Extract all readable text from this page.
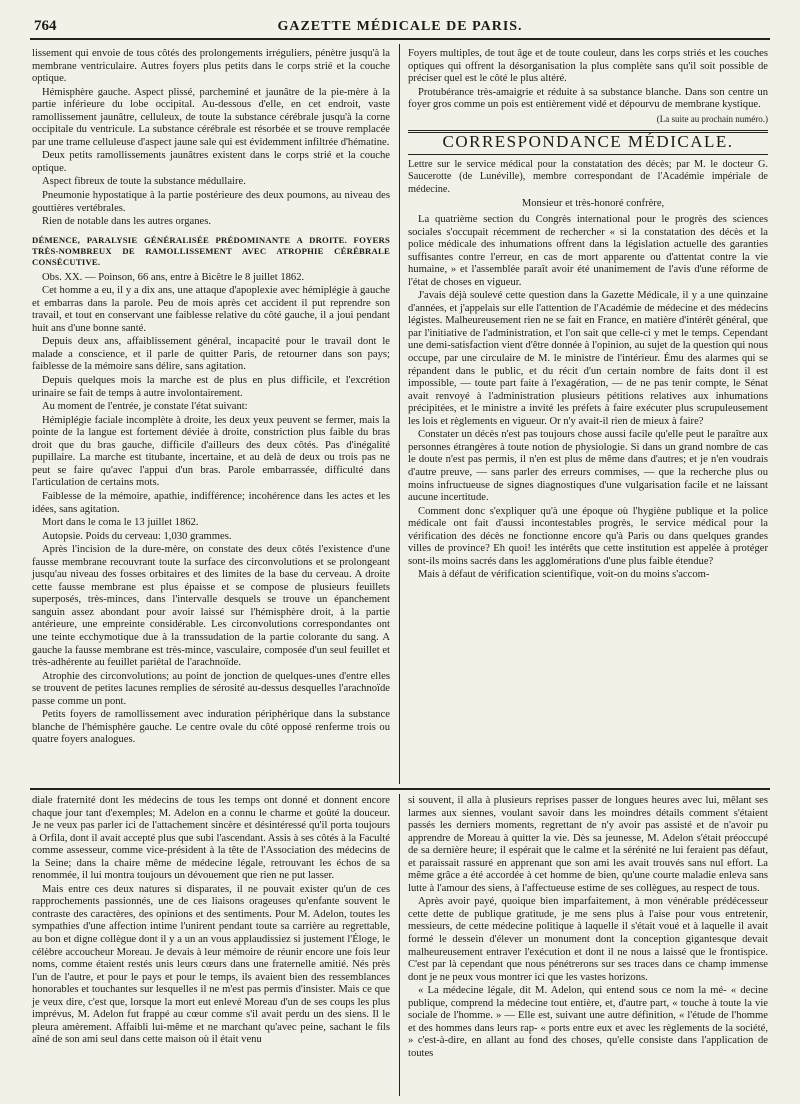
764	GAZETTE MÉDICALE DE PARIS.

lissement qui envoie de tous côtés des prolongements irréguliers, pénètre jusqu'à la membrane ventriculaire. Autres foyers plus petits dans le corps strié et la couche optique.

Hémisphère gauche. Aspect plissé, parcheminé et jaunâtre de la pie-mère à la partie inférieure du lobe occipital. Au-dessous d'elle, en cet endroit, vaste ramollissement jaunâtre, celluleux, de toute la substance cérébrale jusqu'à la corne occipitale du ventricule. La substance cérébrale est résorbée et se trouve remplacée par une trame celluleuse d'aspect jaune sale qui est évidemment infiltrée d'hématine.

Deux petits ramollissements jaunâtres existent dans le corps strié et la couche optique.

Aspect fibreux de toute la substance médullaire.

Pneumonie hypostatique à la partie postérieure des deux poumons, au niveau des gouttières vertébrales.

Rien de notable dans les autres organes.

DÉMENCE, PARALYSIE GÉNÉRALISÉE PRÉDOMINANTE A DROITE. FOYERS TRÈS-NOMBREUX DE RAMOLLISSEMENT AVEC ATROPHIE CÉRÉBRALE CONSÉCUTIVE.

Obs. XX. — Poinson, 66 ans, entre à Bicêtre le 8 juillet 1862.

Cet homme a eu, il y a dix ans, une attaque d'apoplexie avec hémiplégie à gauche et embarras dans la parole. Peu de mois après cet accident il put reprendre son travail, et tout en conservant une faiblesse relative du côté gauche, il a joui pendant huit ans d'une bonne santé.

Depuis deux ans, affaiblissement général, incapacité pour le travail dont le malade a conscience, et il parle de quitter Paris, de retourner dans son pays; faiblesse de la mémoire sans délire, sans agitation.

Depuis quelques mois la marche est de plus en plus difficile, et l'excrétion urinaire se fait de temps à autre involontairement.

Au moment de l'entrée, je constate l'état suivant:

Hémiplégie faciale incomplète à droite, les deux yeux peuvent se fermer, mais la pointe de la langue est fortement déviée à droite, constriction plus faible du bras droit que du bras gauche, difficile d'ailleurs des deux côtés. Pas d'inégalité pupillaire. La marche est titubante, incertaine, et au delà de deux ou trois pas ne peut se faire qu'avec l'appui d'un bras. Parole embarrassée, difficulté dans l'articulation de certains mots.

Faiblesse de la mémoire, apathie, indifférence; incohérence dans les actes et les idées, sans agitation.

Mort dans le coma le 13 juillet 1862.

Autopsie. Poids du cerveau: 1,030 grammes.

Après l'incision de la dure-mère, on constate des deux côtés l'existence d'une fausse membrane recouvrant toute la surface des circonvolutions et se prolongeant jusqu'au niveau des fosses orbitaires et des limites de la base du cerveau. A droite cette fausse membrane est plus épaisse et se compose de plusieurs feuillets superposés, très-minces, dans l'intervalle desquels se trouve un épanchement sanguin assez abondant pour avoir laissé sur l'hémisphère droit, à la partie antérieure, une empreinte considérable. Les circonvolutions correspondantes ont une teinte ecchymotique due à la transsudation de la partie colorante du sang. A gauche la fausse membrane est très-mince, vasculaire, composée d'un seul feuillet et très-adhérente au feuillet pariétal de l'arachnoïde.

Atrophie des circonvolutions; au point de jonction de quelques-unes d'entre elles se trouvent de petites lacunes remplies de sérosité au-dessus desquelles l'arachnoïde passe comme un pont.

Petits foyers de ramollissement avec induration périphérique dans la substance blanche de l'hémisphère gauche. Le centre ovale du côté opposé renferme trois ou quatre foyers analogues.

Foyers multiples, de tout âge et de toute couleur, dans les corps striés et les couches optiques qui offrent la désorganisation la plus complète sans qu'il soit possible de préciser quel est le côté le plus altéré.

Protubérance très-amaigrie et réduite à sa substance blanche. Dans son centre un foyer gros comme un pois est entièrement vidé et dépourvu de membrane kystique.

(La suite au prochain numéro.)

CORRESPONDANCE MÉDICALE.

Lettre sur le service médical pour la constatation des décès; par M. le docteur G. Saucerotte (de Lunéville), membre correspondant de l'Académie impériale de médecine.

Monsieur et très-honoré confrère,

La quatrième section du Congrès international pour le progrès des sciences sociales s'occupait récemment de rechercher « si la constatation des décès et la police médicale des inhumations offrent dans la législation actuelle des garanties suffisantes contre l'erreur, en cas de mort apparente ou d'attentat contre la vie humaine, » et l'assemblée paraît avoir été unanimement de l'avis d'une réforme de l'état de choses en vigueur.

J'avais déjà soulevé cette question dans la Gazette Médicale, il y a une quinzaine d'années, et j'appelais sur elle l'attention de l'Académie de médecine et des médecins légistes. Malheureusement rien ne se fait en France, en matière d'intérêt général, que par l'initiative de l'administration, et l'on sait que celle-ci y met le temps. Cependant une demi-satisfaction vient d'être donnée à l'opinion, au sujet de la question qui nous occupe, par une circulaire de M. le ministre de l'intérieur. Ému des alarmes qui se répandent dans le public, et du récit d'un certain nombre de faits dont il est impossible, — toute part faite à l'exagération, — de ne pas tenir compte, le Sénat avait renvoyé à l'administration plusieurs pétitions relatives aux inhumations précipitées, et le ministre a invité les préfets à faire exécuter plus scrupuleusement les lois et règlements en vigueur. Or n'y avait-il rien de mieux à faire?

Constater un décès n'est pas toujours chose aussi facile qu'elle peut le paraître aux personnes étrangères à toute notion de physiologie. Si dans un grand nombre de cas le doute n'est pas permis, il n'en est plus de même dans d'autres; et je n'en voudrais d'autre preuve, — sans parler des erreurs commises, — que la recherche plus ou moins infructueuse de signes diagnostiques d'une vulgarisation facile et ne laissant aucune incertitude.

Comment donc s'expliquer qu'à une époque où l'hygiène publique et la police médicale ont fait d'aussi incontestables progrès, le service médical pour la vérification des décès ne fonctionne encore qu'à Paris ou dans quelques grandes villes de province? Eh quoi! les intérêts que cette institution est appelée à protéger sont-ils moins sacrés dans les agglomérations d'une plus faible étendue?

Mais à défaut de vérification scientifique, voit-on du moins s'accom-

diale fraternité dont les médecins de tous les temps ont donné et donnent encore chaque jour tant d'exemples; M. Adelon en a connu le charme et goûté la douceur. Je ne veux pas parler ici de l'attachement sincère et désintéressé qu'il porta toujours à Orfila, dont il avait accepté plus que subi l'ascendant. Assis à ses côtés à la Faculté comme assesseur, comme vice-président à la tête de l'Association des médecins de la Seine; dans la chaire même de médecine légale, retrouvant les échos de sa renommée, il lui montra toujours un dévouement que rien ne put lasser.

Mais entre ces deux natures si disparates, il ne pouvait exister qu'un de ces rapprochements passionnés, une de ces liaisons orageuses qu'enfante souvent le contraste des caractères, des opinions et des sentiments. Pour M. Adelon, toutes les sympathies d'une affection intime l'unirent pendant toute sa carrière au regrettable, au bon et digne collègue dont il y a un an vous applaudissiez si justement l'Éloge, le célèbre accoucheur Moreau. Je devais à leur mémoire de réunir encore une fois leur noms, comme étaient restés unis leurs cœurs dans une fraternelle amitié. Nés près l'un de l'autre, et pour le pays et pour le temps, ils avaient bien des ressemblances honorables et touchantes sur lesquelles il ne m'est pas permis d'insister. Mais ce que je veux dire, c'est que, lorsque la mort eut enlevé Moreau d'un de ses coups les plus imprévus, M. Adelon fut frappé au cœur comme s'il avait perdu un des siens. Il le pleura amèrement. Affaibli lui-même et ne marchant qu'avec peine, sachant le fils aîné de son ami seul dans cette maison où il était venu

si souvent, il alla à plusieurs reprises passer de longues heures avec lui, mêlant ses larmes aux siennes, voulant savoir dans les moindres détails comment s'étaient passés les derniers moments, regrettant de n'y avoir pas assisté et de n'avoir pu apprendre de Moreau à quitter la vie. Dès sa jeunesse, M. Adelon s'était préoccupé de sa dernière heure; il espérait que le calme et la sérénité ne lui feraient pas défaut, et paraissait rassuré en apprenant que son ami les avait trouvés sans nul effort. La même grâce a été accordée à cet homme de bien, qu'une courte maladie enleva sans lutte à l'amour des siens, à l'affectueuse estime de ses collègues, au respect de tous.

Après avoir payé, quoique bien imparfaitement, à mon vénérable prédécesseur cette dette de publique gratitude, je me sens plus à l'aise pour vous entretenir, messieurs, de cette médecine politique à laquelle il s'était voué et à laquelle il avait formé le dessein d'élever un monument dont la conception gigantesque devait malheureusement entraver l'exécution et dont il ne nous a laissé que le frontispice. C'est par là cependant que nous pénétrerons sur ses traces dans ce champ immense dont je ne peux vous montrer ici que les vastes horizons.

« La médecine légale, dit M. Adelon, qui entend sous ce nom la mé- « decine publique, comprend la médecine tout entière, et, d'autre part, « touche à toute la vie sociale de l'homme. » — Elle est, suivant une autre définition, « l'étude de l'homme et des hommes dans leurs rap- « ports entre eux et avec les règlements de la société, » c'est-à-dire, en allant au fond des choses, qu'elle consiste dans l'application de toutes
